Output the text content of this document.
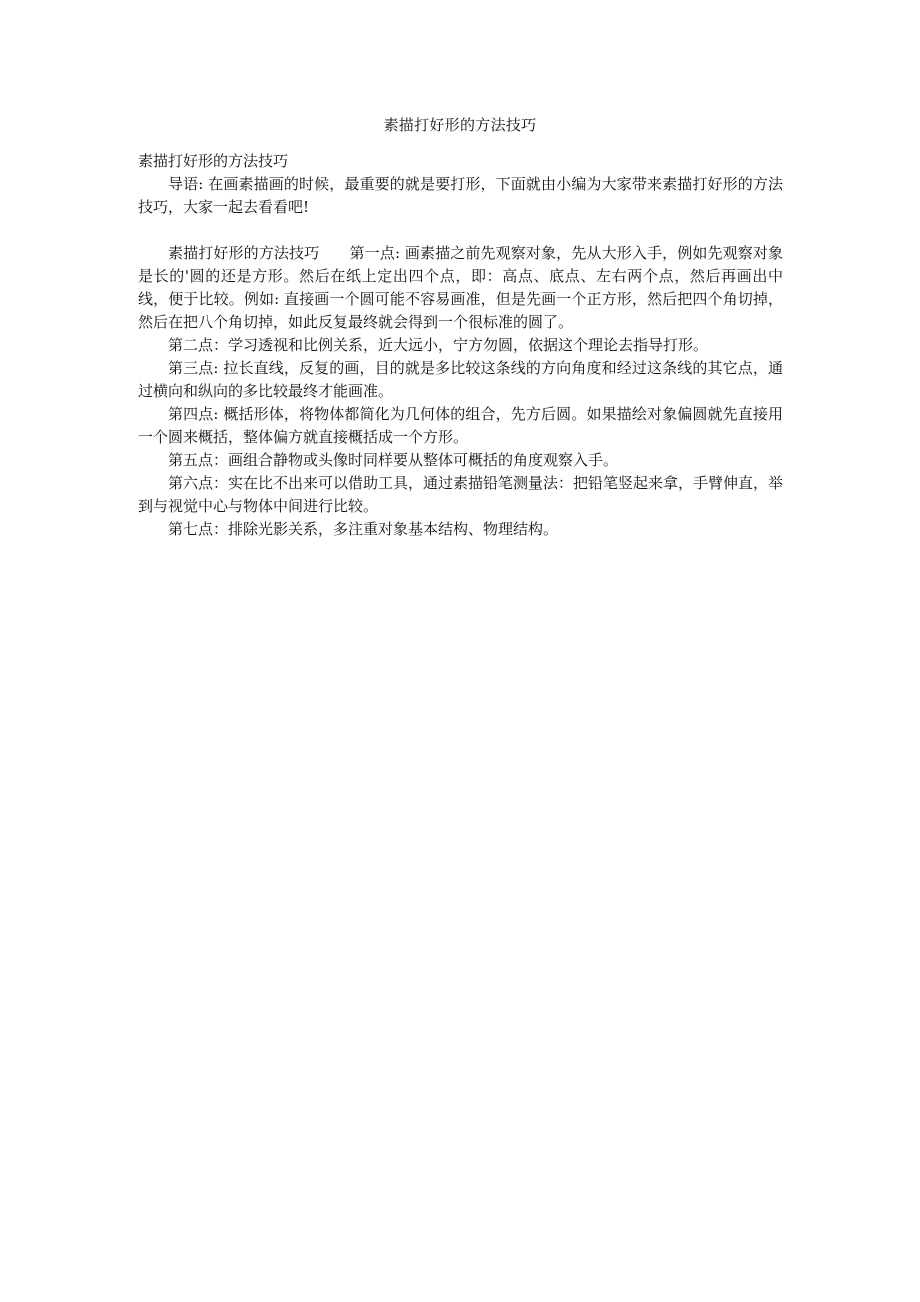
素描打好形的方法技巧

素描打好形的方法技巧

导语: 在画素描画的时候，最重要的就是要打形，下面就由小编为大家带来素描打好形的方法技巧，大家一起去看看吧!

素描打好形的方法技巧　　第一点: 画素描之前先观察对象，先从大形入手，例如先观察对象是长的'圆的还是方形。然后在纸上定出四个点，即：高点、底点、左右两个点，然后再画出中线，便于比较。例如: 直接画一个圆可能不容易画准，但是先画一个正方形，然后把四个角切掉，然后在把八个角切掉，如此反复最终就会得到一个很标准的圆了。

第二点：学习透视和比例关系，近大远小，宁方勿圆，依据这个理论去指导打形。

第三点: 拉长直线，反复的画，目的就是多比较这条线的方向角度和经过这条线的其它点，通过横向和纵向的多比较最终才能画准。

第四点: 概括形体，将物体都简化为几何体的组合，先方后圆。如果描绘对象偏圆就先直接用一个圆来概括，整体偏方就直接概括成一个方形。

第五点：画组合静物或头像时同样要从整体可概括的角度观察入手。

第六点：实在比不出来可以借助工具，通过素描铅笔测量法：把铅笔竖起来拿，手臂伸直，举到与视觉中心与物体中间进行比较。

第七点：排除光影关系，多注重对象基本结构、物理结构。
